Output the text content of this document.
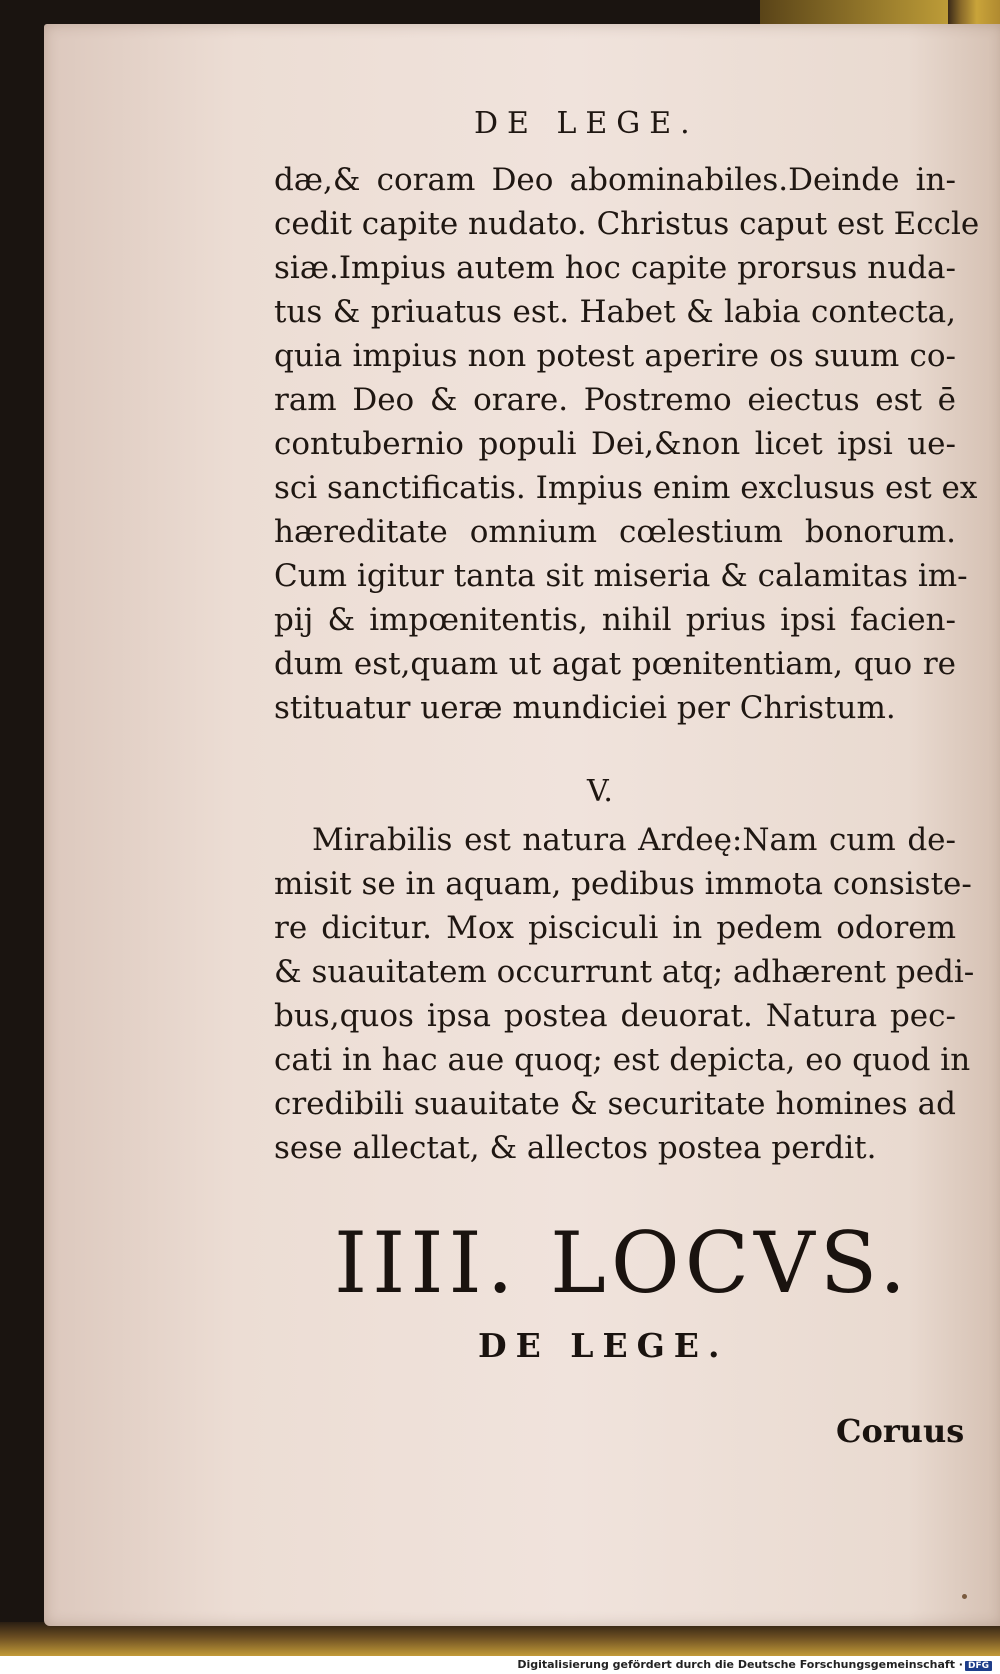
DE LEGE.
dæ,& coram Deo abominabiles.Deinde in-
cedit capite nudato. Christus caput est Eccle
siæ.Impius autem hoc capite prorsus nuda-
tus & priuatus est. Habet & labia contecta,
quia impius non potest aperire os suum co-
ram Deo & orare. Postremo eiectus est ē
contubernio populi Dei,&non licet ipsi ue-
sci sanctificatis. Impius enim exclusus est ex
hæreditate omnium cœlestium bonorum.
Cum igitur tanta sit miseria & calamitas im-
pij & impœnitentis, nihil prius ipsi facien-
dum est,quam ut agat pœnitentiam, quo re
stituatur ueræ mundiciei per Christum.
V.
Mirabilis est natura Ardeę:Nam cum de-
misit se in aquam, pedibus immota consiste-
re dicitur. Mox pisciculi in pedem odorem
& suauitatem occurrunt atq; adhærent pedi-
bus,quos ipsa postea deuorat. Natura pec-
cati in hac aue quoq; est depicta, eo quod in
credibili suauitate & securitate homines ad
sese allectat, & allectos postea perdit.
IIII. LOCVS.
DE LEGE.
Coruus
Digitalisierung gefördert durch die Deutsche Forschungsgemeinschaft · DFG
